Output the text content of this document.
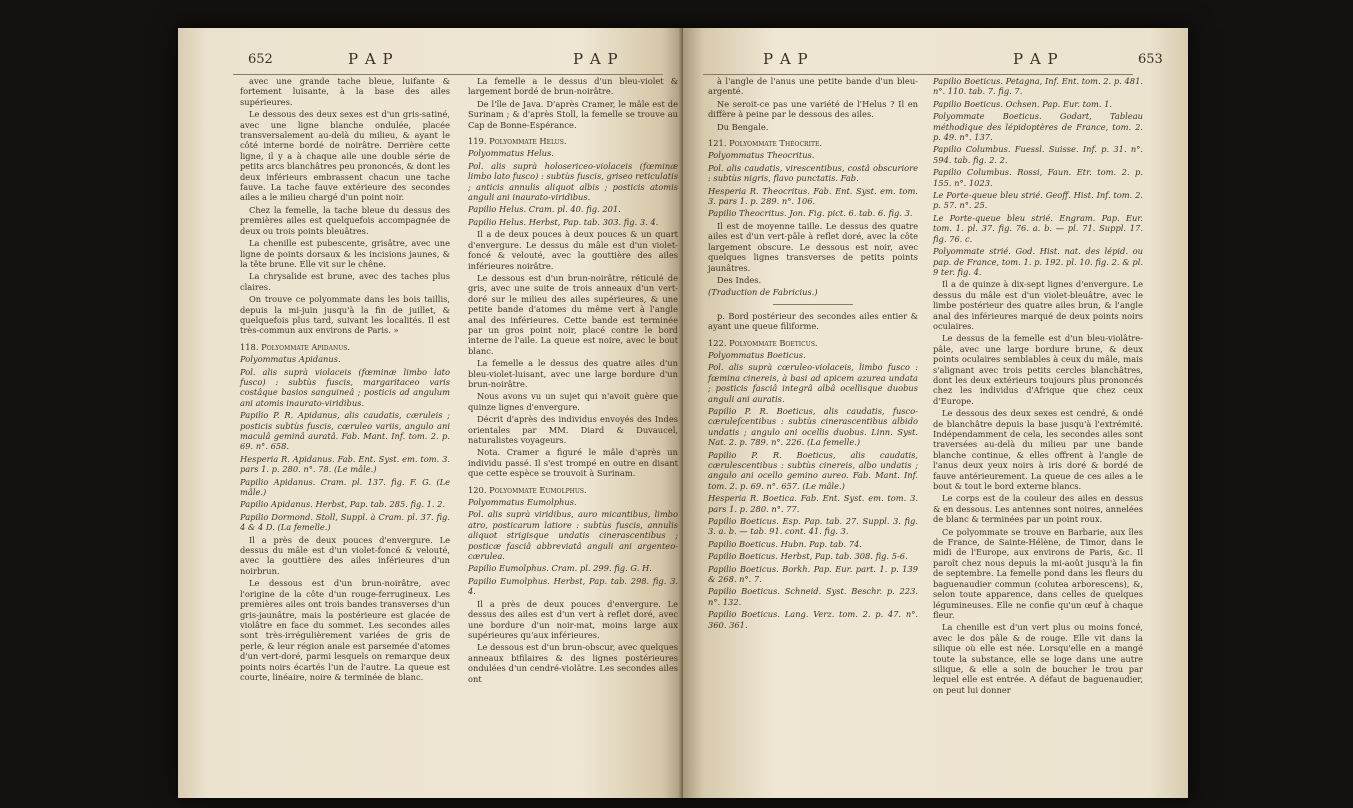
652	P A P	P A P

avec une grande tache bleue, luifante & fortement luisante, à la base des ailes supérieures.

Le dessous des deux sexes est d'un gris-satiné, avec une ligne blanche ondulée, placée transversalement au-delà du milieu, & ayant le côté interne bordé de noirâtre. Derrière cette ligne, il y a à chaque aile une double série de petits arcs blanchâtres peu prononcés, & dont les deux inférieurs embrassent chacun une tache fauve. La tache fauve extérieure des secondes ailes a le milieu chargé d'un point noir.

Chez la femelle, la tache bleue du dessus des premières ailes est quelquefois accompagnée de deux ou trois points bleuâtres.

La chenille est pubescente, grisâtre, avec une ligne de points dorsaux & les incisions jaunes, & la tête brune. Elle vit sur le chêne.

La chrysalide est brune, avec des taches plus claires.

On trouve ce polyommate dans les bois taillis, depuis la mi-juin jusqu'à la fin de juillet, & quelquefois plus tard, suivant les localités. Il est très-commun aux environs de Paris. »

118. Polyommate Apidanus.

Polyommatus Apidanus.

Pol. alis suprà violaceis (fœminæ limbo lato fusco) : subtùs fuscis, margaritaceo varis costâque basios sanguineâ ; posticis ad angulum ani atomis inaurato-viridibus.

Papilio P. R. Apidanus, alis caudatis, cæruleis ; posticis subtùs fuscis, cœruleo variis, angulo ani maculâ geminâ auratâ. Fab. Mant. Inf. tom. 2. p. 69. n°. 658.

Hesperia R. Apidanus. Fab. Ent. Syst. em. tom. 3. pars 1. p. 280. n°. 78. (Le mâle.)

Papilio Apidanus. Cram. pl. 137. fig. F. G. (Le mâle.)

Papilio Apidanus. Herbst, Pap. tab. 285. fig. 1. 2.

Papilio Dormond. Stoll, Suppl. à Cram. pl. 37. fig. 4 & 4 D. (La femelle.)

Il a près de deux pouces d'envergure. Le dessus du mâle est d'un violet-foncé & velouté, avec la gouttière des ailes inférieures d'un noirbrun.

Le dessous est d'un brun-noirâtre, avec l'origine de la côte d'un rouge-ferrugineux. Les premières ailes ont trois bandes transverses d'un gris-jaunâtre, mais la postérieure est glacée de violâtre en face du sommet. Les secondes ailes sont très-irrégulièrement variées de gris de perle, & leur région anale est parsemée d'atomes d'un vert-doré, parmi lesquels on remarque deux points noirs écartés l'un de l'autre. La queue est courte, linéaire, noire & terminée de blanc.

La femelle a le dessus d'un bleu-violet & largement bordé de brun-noirâtre.

De l'île de Java. D'après Cramer, le mâle est de Surinam ; & d'après Stoll, la femelle se trouve au Cap de Bonne-Espérance.

119. Polyommate Helus.

Polyommatus Helus.

Pol. alis suprà holosericeo-violaceis (fœminæ limbo lato fusco) : subtùs fuscis, griseo reticulatis ; anticis annulis aliquot albis ; posticis atomis anguli ani inaurato-viridibus.

Papilio Helus. Cram. pl. 40. fig. 201.

Papilio Helus. Herbst, Pap. tab. 303. fig. 3. 4.

Il a de deux pouces à deux pouces & un quart d'envergure. Le dessus du mâle est d'un violet-foncé & velouté, avec la gouttière des ailes inférieures noirâtre.

Le dessous est d'un brun-noirâtre, réticulé de gris, avec une suite de trois anneaux d'un vert-doré sur le milieu des ailes supérieures, & une petite bande d'atomes du même vert à l'angle anal des inférieures. Cette bande est terminée par un gros point noir, placé contre le bord interne de l'aile. La queue est noire, avec le bout blanc.

La femelle a le dessus des quatre ailes d'un bleu-violet-luisant, avec une large bordure d'un brun-noirâtre.

Nous avons vu un sujet qui n'avoit guère que quinze lignes d'envergure.

Décrit d'après des individus envoyés des Indes orientales par MM. Diard & Duvaucel, naturalistes voyageurs.

Nota. Cramer a figuré le mâle d'après un individu passé. Il s'est trompé en outre en disant que cette espèce se trouvoit à Surinam.

120. Polyommate Eumolphus.

Polyommatus Eumolphus.

Pol. alis suprà viridibus, auro micantibus, limbo atro, posticarum latiore : subtùs fuscis, annulis aliquot strigisque undatis cinerascentibus ; posticæ fasciâ abbreviatâ anguli ani argenteo-cærulea.

Papilio Eumolphus. Cram. pl. 299. fig. G. H.

Papilio Eumolphus. Herbst, Pap. tab. 298. fig. 3. 4.

Il a près de deux pouces d'envergure. Le dessus des ailes est d'un vert à reflet doré, avec une bordure d'un noir-mat, moins large aux supérieures qu'aux inférieures.

Le dessous est d'un brun-obscur, avec quelques anneaux bifilaires & des lignes postérieures ondulées d'un cendré-violâtre. Les secondes ailes ont

P A P	P A P	653

à l'angle de l'anus une petite bande d'un bleu-argenté.

Ne seroit-ce pas une variété de l'Helus ? Il en diffère à peine par le dessous des ailes.

Du Bengale.

121. Polyommate Théocrite.

Polyommatus Theocritus.

Pol. alis caudatis, virescentibus, costâ obscuriore : subtùs nigris, flavo punctatis. Fab.

Hesperia R. Theocritus. Fab. Ent. Syst. em. tom. 3. pars 1. p. 289. n°. 106.

Papilio Theocritus. Jon. Fig. pict. 6. tab. 6. fig. 3.

Il est de moyenne taille. Le dessus des quatre ailes est d'un vert-pâle à reflet doré, avec la côte largement obscure. Le dessous est noir, avec quelques lignes transverses de petits points jaunâtres.

Des Indes.

(Traduction de Fabricius.)

p. Bord postérieur des secondes ailes entier & ayant une queue filiforme.

122. Polyommate Boeticus.

Polyommatus Boeticus.

Pol. alis suprà cœruleo-violaceis, limbo fusco : fœmina cinereis, à basi ad apicem azurea undata ; posticis fasciâ integrâ albâ ocellisque duobus anguli ani auratis.

Papilio P. R. Boeticus, alis caudatis, fusco-cæruleſcentibus : subtùs cinerascentibus albido undatis ; angulo ani ocellis duobus. Linn. Syst. Nat. 2. p. 789. n°. 226. (La femelle.)

Papilio P. R. Boeticus, alis caudatis, cærulescentibus : subtùs cinereis, albo undatis ; angulo ani ocello gemino aureo. Fab. Mant. Inf. tom. 2. p. 69. n°. 657. (Le mâle.)

Hesperia R. Boetica. Fab. Ent. Syst. em. tom. 3. pars 1. p. 280. n°. 77.

Papilio Boeticus. Esp. Pap. tab. 27. Suppl. 3. fig. 3. a. b. — tab. 91. cont. 41. fig. 3.

Papilio Boeticus. Hubn. Pap. tab. 74.

Papilio Boeticus. Herbst, Pap. tab. 308. fig. 5-6.

Papilio Boeticus. Borkh. Pap. Eur. part. 1. p. 139 & 268. n°. 7.

Papilio Boeticus. Schneid. Syst. Beschr. p. 223. n°. 132.

Papilio Boeticus. Lang. Verz. tom. 2. p. 47. n°. 360. 361.

Papilio Boeticus. Petagna, Inf. Ent. tom. 2. p. 481. n°. 110. tab. 7. fig. 7.

Papilio Boeticus. Ochsen. Pap. Eur. tom. 1.

Polyommate Boeticus. Godart, Tableau méthodique des lépidoptères de France, tom. 2. p. 49. n°. 137.

Papilio Columbus. Fuessl. Suisse. Inf. p. 31. n°. 594. tab. fig. 2. 2.

Papilio Columbus. Rossi, Faun. Etr. tom. 2. p. 155. n°. 1023.

Le Porte-queue bleu strié. Geoff. Hist. Inf. tom. 2. p. 57. n°. 25.

Le Porte-queue bleu strié. Engram. Pap. Eur. tom. 1. pl. 37. fig. 76. a. b. — pl. 71. Suppl. 17. fig. 76. c.

Polyommate strié. God. Hist. nat. des lépid. ou pap. de France, tom. 1. p. 192. pl. 10. fig. 2. & pl. 9 ter. fig. 4.

Il a de quinze à dix-sept lignes d'envergure. Le dessus du mâle est d'un violet-bleuâtre, avec le limbe postérieur des quatre ailes brun, & l'angle anal des inférieures marqué de deux points noirs oculaires.

Le dessus de la femelle est d'un bleu-violâtre-pâle, avec une large bordure brune, & deux points oculaires semblables à ceux du mâle, mais s'alignant avec trois petits cercles blanchâtres, dont les deux extérieurs toujours plus prononcés chez les individus d'Afrique que chez ceux d'Europe.

Le dessous des deux sexes est cendré, & ondé de blanchâtre depuis la base jusqu'à l'extrémité. Indépendamment de cela, les secondes ailes sont traversées au-delà du milieu par une bande blanche continue, & elles offrent à l'angle de l'anus deux yeux noirs à iris doré & bordé de fauve antérieurement. La queue de ces ailes a le bout & tout le bord externe blancs.

Le corps est de la couleur des ailes en dessus & en dessous. Les antennes sont noires, annelées de blanc & terminées par un point roux.

Ce polyommate se trouve en Barbarie, aux îles de France, de Sainte-Hélène, de Timor, dans le midi de l'Europe, aux environs de Paris, &c. Il paroît chez nous depuis la mi-août jusqu'à la fin de septembre. La femelle pond dans les fleurs du baguenaudier commun (colutea arborescens), &, selon toute apparence, dans celles de quelques légumineuses. Elle ne confie qu'un œuf à chaque fleur.

La chenille est d'un vert plus ou moins foncé, avec le dos pâle & de rouge. Elle vit dans la silique où elle est née. Lorsqu'elle en a mangé toute la substance, elle se loge dans une autre silique, & elle a soin de boucher le trou par lequel elle est entrée. A défaut de baguenaudier, on peut lui donner
